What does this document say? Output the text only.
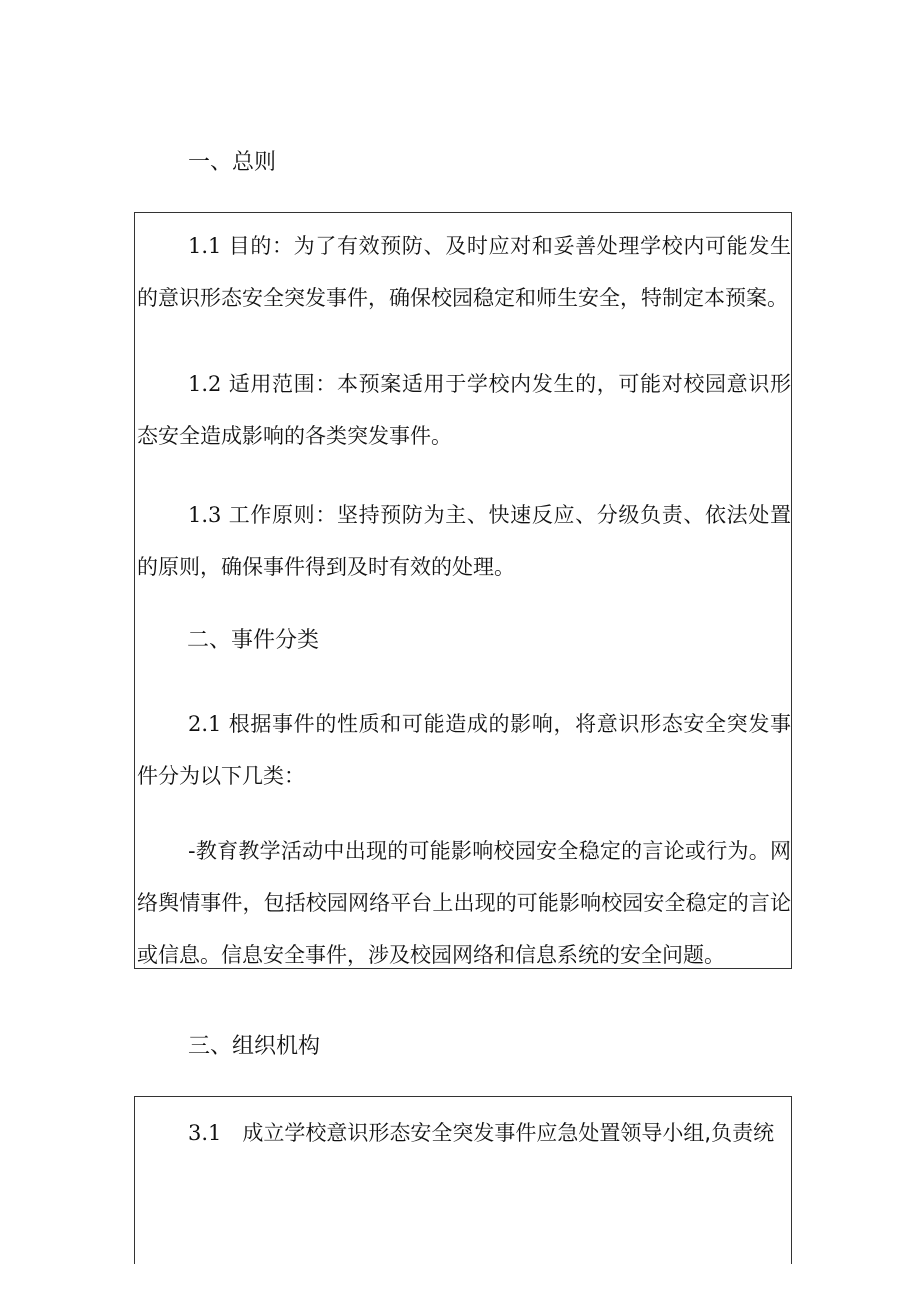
一、总则

1.1 目的：为了有效预防、及时应对和妥善处理学校内可能发生的意识形态安全突发事件，确保校园稳定和师生安全，特制定本预案。

1.2 适用范围：本预案适用于学校内发生的，可能对校园意识形态安全造成影响的各类突发事件。

1.3 工作原则：坚持预防为主、快速反应、分级负责、依法处置的原则，确保事件得到及时有效的处理。

二、事件分类

2.1 根据事件的性质和可能造成的影响，将意识形态安全突发事件分为以下几类：

-教育教学活动中出现的可能影响校园安全稳定的言论或行为。网络舆情事件，包括校园网络平台上出现的可能影响校园安全稳定的言论或信息。信息安全事件，涉及校园网络和信息系统的安全问题。

三、组织机构

3.1　成立学校意识形态安全突发事件应急处置领导小组,负责统
